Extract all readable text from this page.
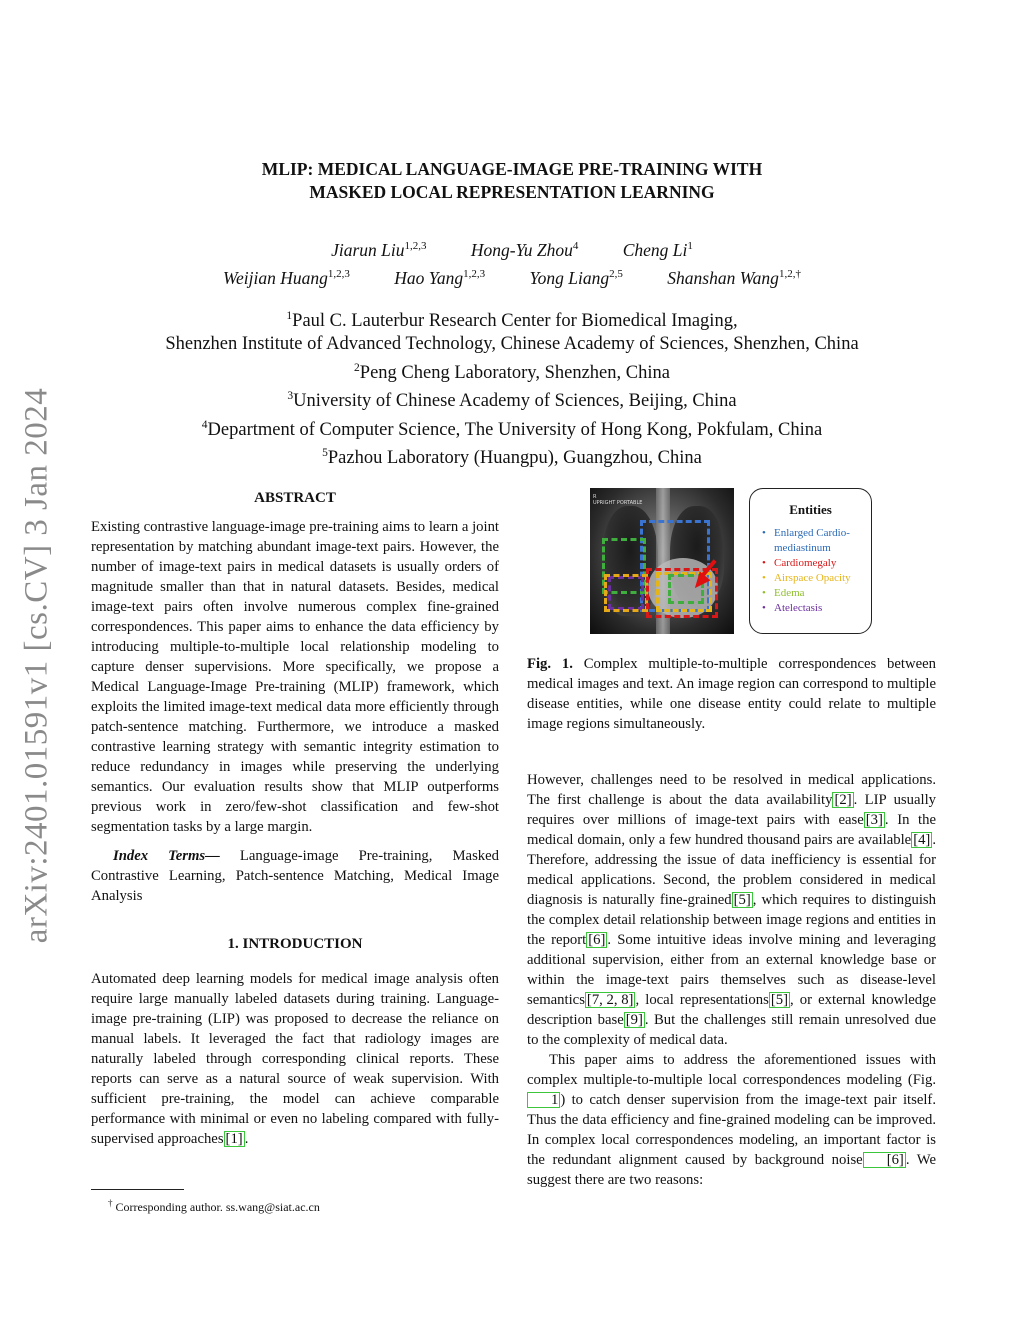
arXiv:2401.01591v1 [cs.CV] 3 Jan 2024
MLIP: MEDICAL LANGUAGE-IMAGE PRE-TRAINING WITH
MASKED LOCAL REPRESENTATION LEARNING
Jiarun Liu$^{1,2,3}$	Hong-Yu Zhou$^4$	Cheng Li$^1$
Weijian Huang$^{1,2,3}$	Hao Yang$^{1,2,3}$	Yong Liang$^{2,5}$	Shanshan Wang$^{1,2,\dagger}$
$^1$Paul C. Lauterbur Research Center for Biomedical Imaging,
Shenzhen Institute of Advanced Technology, Chinese Academy of Sciences, Shenzhen, China
$^2$Peng Cheng Laboratory, Shenzhen, China
$^3$University of Chinese Academy of Sciences, Beijing, China
$^4$Department of Computer Science, The University of Hong Kong, Pokfulam, China
$^5$Pazhou Laboratory (Huangpu), Guangzhou, China
ABSTRACT

Existing contrastive language-image pre-training aims to learn a joint representation by matching abundant image-text pairs. However, the number of image-text pairs in medical datasets is usually orders of magnitude smaller than that in natural datasets. Besides, medical image-text pairs often involve numerous complex fine-grained correspondences. This paper aims to enhance the data efficiency by introducing multiple-to-multiple local relationship modeling to capture denser supervisions. More specifically, we propose a Medical Language-Image Pre-training (MLIP) framework, which exploits the limited image-text medical data more efficiently through patch-sentence matching. Furthermore, we introduce a masked contrastive learning strategy with semantic integrity estimation to reduce redundancy in images while preserving the underlying semantics. Our evaluation results show that MLIP outperforms previous work in zero/few-shot classification and few-shot segmentation tasks by a large margin.

Index Terms— Language-image Pre-training, Masked Contrastive Learning, Patch-sentence Matching, Medical Image Analysis

1. INTRODUCTION

Automated deep learning models for medical image analysis often require large manually labeled datasets during training. Language-image pre-training (LIP) was proposed to decrease the reliance on manual labels. It leveraged the fact that radiology images are naturally labeled through corresponding clinical reports. These reports can serve as a natural source of weak supervision. With sufficient pre-training, the model can achieve comparable performance with minimal or even no labeling compared with fully-supervised approaches [1] .

† Corresponding author. ss.wang@siat.ac.cn
R
UPRIGHT PORTABLE	Entities
• Enlarged Cardio-
mediastinum
• Cardiomegaly
• Airspace Opacity
• Edema
• Atelectasis

Fig. 1. Complex multiple-to-multiple correspondences between medical images and text. An image region can correspond to multiple disease entities, while one disease entity could relate to multiple image regions simultaneously.

However, challenges need to be resolved in medical applications. The first challenge is about the data availability [2] . LIP usually requires over millions of image-text pairs with ease [3] . In the medical domain, only a few hundred thousand pairs are available [4] . Therefore, addressing the issue of data inefficiency is essential for medical applications. Second, the problem considered in medical diagnosis is naturally fine-grained [5] , which requires to distinguish the complex detail relationship between image regions and entities in the report [6] . Some intuitive ideas involve mining and leveraging additional supervision, either from an external knowledge base or within the image-text pairs themselves such as disease-level semantics [7, 2, 8] , local representations [5] , or external knowledge description base [9] . But the challenges still remain unresolved due to the complexity of medical data.

This paper aims to address the aforementioned issues with complex multiple-to-multiple local correspondences modeling (Fig. 1 ) to catch denser supervision from the image-text pair itself. Thus the data efficiency and fine-grained modeling can be improved. In complex local correspondences modeling, an important factor is the redundant alignment caused by background noise [6] . We suggest there are two reasons:
